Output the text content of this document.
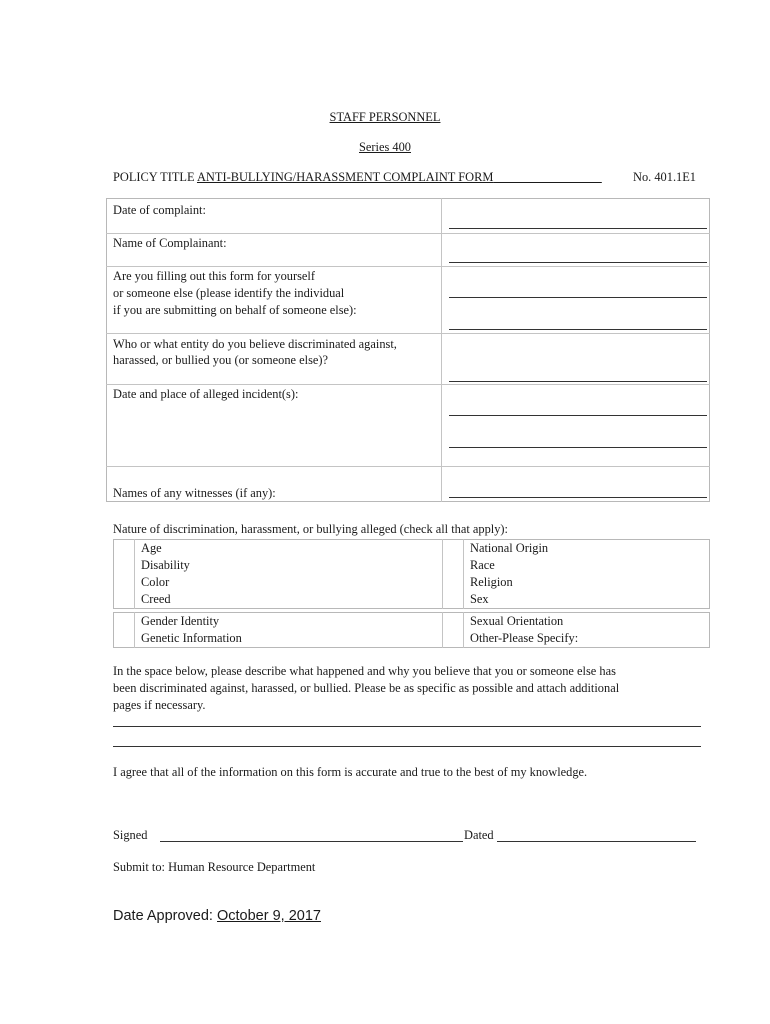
STAFF PERSONNEL
Series 400
POLICY TITLE ANTI-BULLYING/HARASSMENT COMPLAINT FORM	No. 401.1E1
Date of complaint:
Name of Complainant:
Are you filling out this form for yourself
or someone else (please identify the individual
if you are submitting on behalf of someone else):
Who or what entity do you believe discriminated against,
harassed, or bullied you (or someone else)?
Date and place of alleged incident(s):
Names of any witnesses (if any):
Nature of discrimination, harassment, or bullying alleged (check all that apply):
Age
Disability
Color
Creed
National Origin
Race
Religion
Sex
Gender Identity
Genetic Information
Sexual Orientation
Other-Please Specify:
In the space below, please describe what happened and why you believe that you or someone else has
been discriminated against, harassed, or bullied. Please be as specific as possible and attach additional
pages if necessary.
I agree that all of the information on this form is accurate and true to the best of my knowledge.
Signed	Dated
Submit to: Human Resource Department
Date Approved: October 9, 2017
